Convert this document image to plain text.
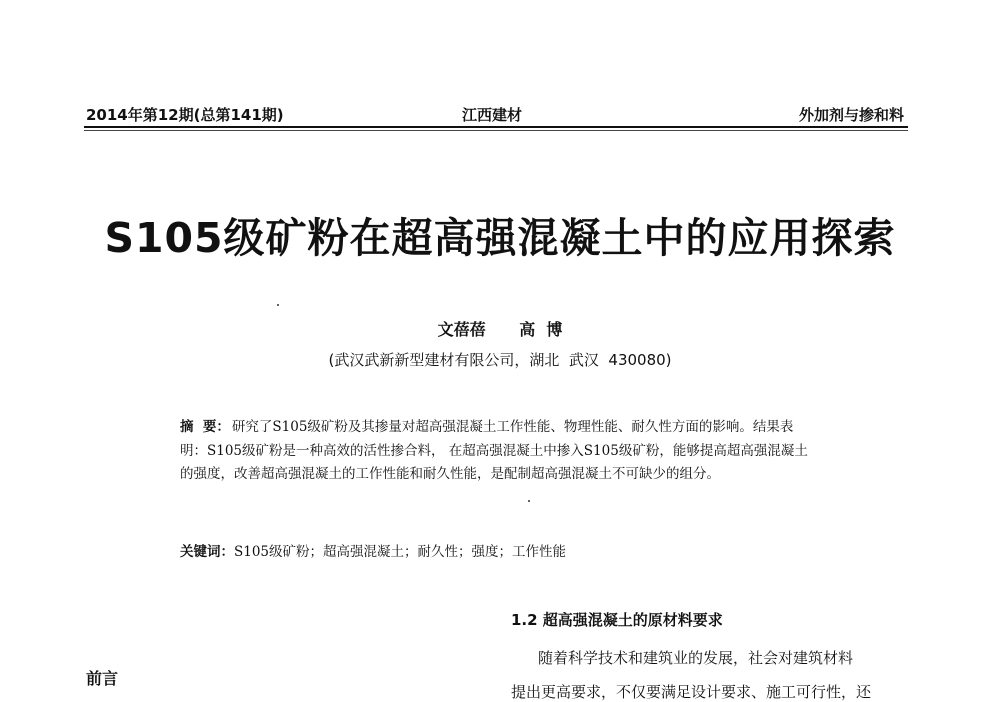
2014年第12期(总第141期)	江西建材	外加剂与掺和料
S105级矿粉在超高强混凝土中的应用探索
文蓓蓓 高  博
(武汉武新新型建材有限公司，湖北  武汉  430080)
摘  要： 研究了S105级矿粉及其掺量对超高强混凝土工作性能、物理性能、耐久性方面的影响。结果表明：S105级矿粉是一种高效的活性掺合料， 在超高强混凝土中掺入S105级矿粉，能够提高超高强混凝土的强度，改善超高强混凝土的工作性能和耐久性能，是配制超高强混凝土不可缺少的组分。
关键词：S105级矿粉；超高强混凝土；耐久性；强度；工作性能
1.2 超高强混凝土的原材料要求
随着科学技术和建筑业的发展，社会对建筑材料
提出更高要求，不仅要满足设计要求、施工可行性，还
前言
